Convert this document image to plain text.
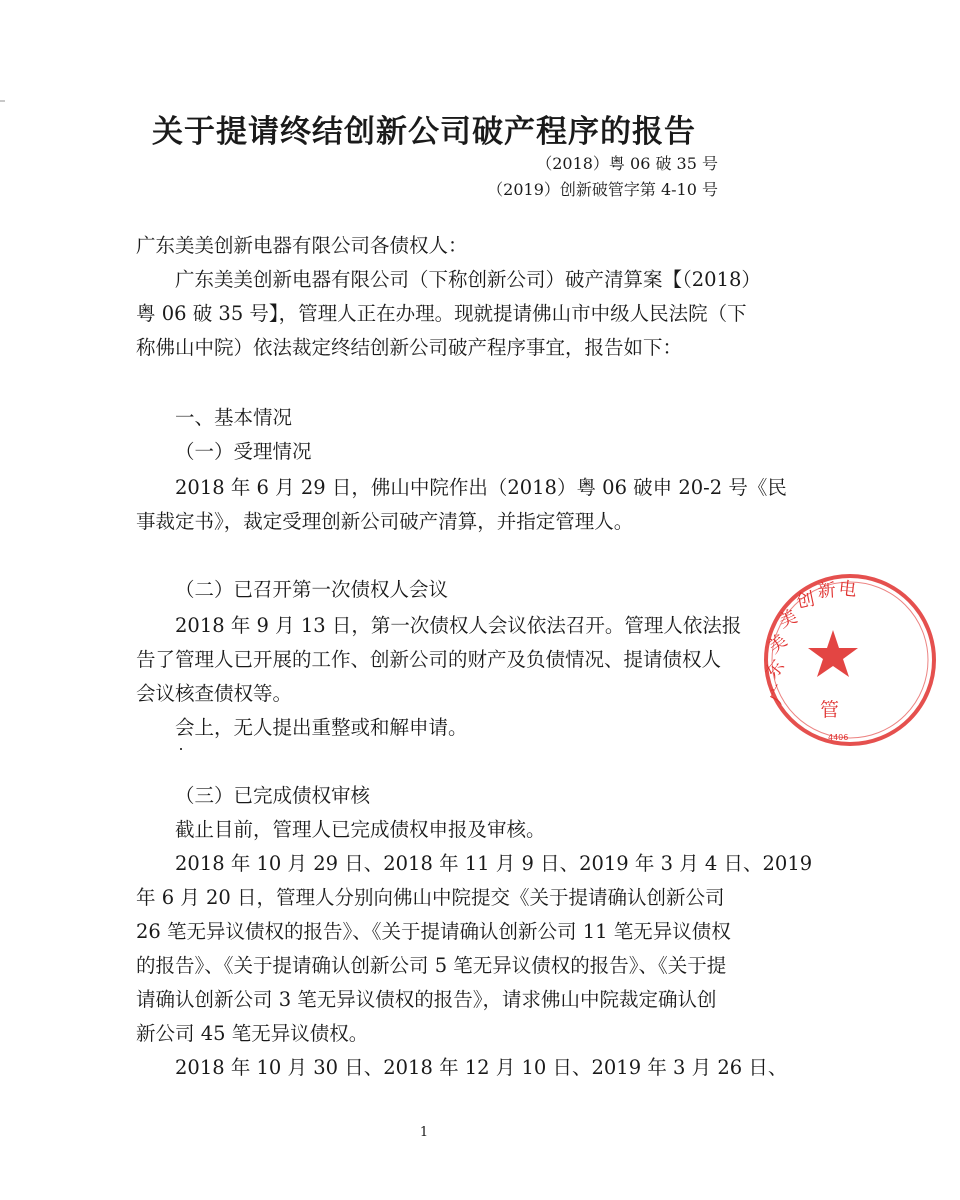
关于提请终结创新公司破产程序的报告
（2018）粤 06 破 35 号
（2019）创新破管字第 4-10 号
广东美美创新电器有限公司各债权人：
广东美美创新电器有限公司（下称创新公司）破产清算案【（2018）
粤 06 破 35 号】，管理人正在办理。现就提请佛山市中级人民法院（下
称佛山中院）依法裁定终结创新公司破产程序事宜，报告如下：
一、基本情况
（一）受理情况
2018 年 6 月 29 日，佛山中院作出（2018）粤 06 破申 20-2 号《民
事裁定书》，裁定受理创新公司破产清算，并指定管理人。
（二）已召开第一次债权人会议
2018 年 9 月 13 日，第一次债权人会议依法召开。管理人依法报
告了管理人已开展的工作、创新公司的财产及负债情况、提请债权人
会议核查债权等。
会上，无人提出重整或和解申请。
（三）已完成债权审核
截止目前，管理人已完成债权申报及审核。
2018 年 10 月 29 日、2018 年 11 月 9 日、2019 年 3 月 4 日、2019
年 6 月 20 日，管理人分别向佛山中院提交《关于提请确认创新公司
26 笔无异议债权的报告》、《关于提请确认创新公司 11 笔无异议债权
的报告》、《关于提请确认创新公司 5 笔无异议债权的报告》、《关于提
请确认创新公司 3 笔无异议债权的报告》，请求佛山中院裁定确认创
新公司 45 笔无异议债权。
2018 年 10 月 30 日、2018 年 12 月 10 日、2019 年 3 月 26 日、
1
广
东
美
美
创 新 电
管
4406
